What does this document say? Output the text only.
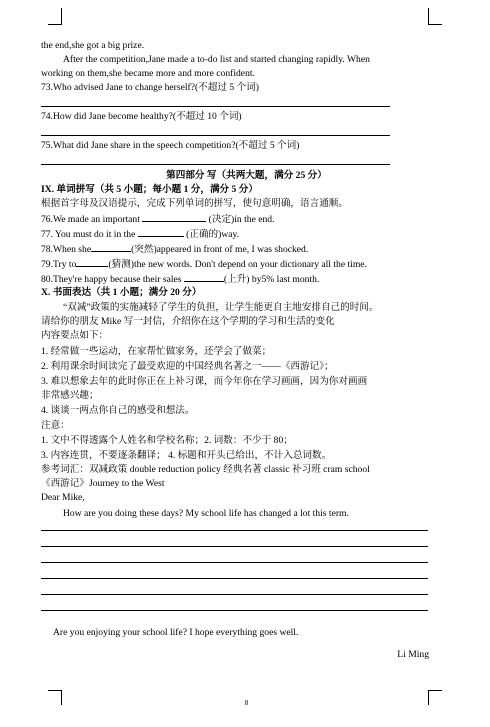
the end,she got a big prize.
After the competition,Jane made a to-do list and started changing rapidly. When
working on them,she became more and more confident.
73.Who advised Jane to change herself?(不超过 5 个词)
74.How did Jane become healthy?(不超过 10 个词)
75.What did Jane share in the speech competition?(不超过 5 个词)
第四部分 写（共两大题，满分 25 分）
IX. 单词拼写（共 5 小题；每小题 1 分，满分 5 分）
根据首字母及汉语提示，完成下列单词的拼写，使句意明确，语言通顺。
76.We made an important	(决定)in the end.
77. You must do it in the	(正确的)way.
78.When she	(突然)appeared in front of me, I was shocked.
79.Try to	(猜测)the new words. Don't depend on your dictionary all the time.
80.They're happy because their sales	(上升) by5% last month.
X. 书面表达（共 1 小题；满分 20 分）
“双减”政策的实施减轻了学生的负担，让学生能更自主地安排自己的时间。
请给你的朋友 Mike 写一封信，介绍你在这个学期的学习和生活的变化
内容要点如下：
1. 经常做一些运动，在家帮忙做家务，还学会了做菜；
2. 利用课余时间读完了最受欢迎的中国经典名著之一——《西游记》；
3. 难以想象去年的此时你正在上补习课，而今年你在学习画画，因为你对画画
非常感兴趣；
4. 谈谈一两点你自己的感受和想法。
注意：
1. 文中不得透露个人姓名和学校名称；2. 词数：不少于 80；
3. 内容连贯，不要逐条翻译； 4. 标题和开头已给出，不计入总词数。
参考词汇：双减政策 double reduction policy 经典名著 classic 补习班 cram school
《西游记》Journey to the West
Dear Mike,
How are you doing these days? My school life has changed a lot this term.
Are you enjoying your school life? I hope everything goes well.
Li Ming
8
